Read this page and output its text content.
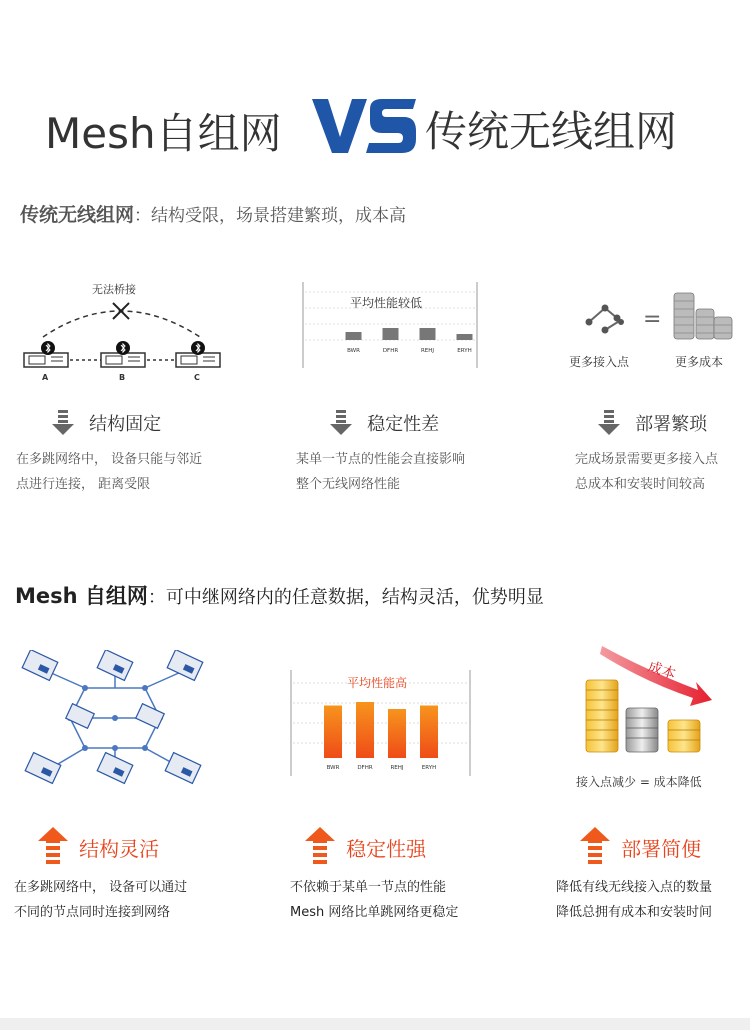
Mesh自组网	传统无线组网
传统无线组网：结构受限，场景搭建繁琐，成本高
无法桥接
A	B	C
BWR	DFHR	REHJ	ERYH
平均性能较低
=
更多接入点	更多成本
结构固定
在多跳网络中， 设备只能与邻近
点进行连接， 距离受限
稳定性差
某单一节点的性能会直接影响
整个无线网络性能
部署繁琐
完成场景需要更多接入点
总成本和安装时间较高
Mesh 自组网：可中继网络内的任意数据，结构灵活，优势明显
BWR	DFHR	REHJ	ERYH
平均性能高
成本
接入点减少 = 成本降低
结构灵活
在多跳网络中， 设备可以通过
不同的节点同时连接到网络
稳定性强
不依赖于某单一节点的性能
Mesh 网络比单跳网络更稳定
部署简便
降低有线无线接入点的数量
降低总拥有成本和安装时间
